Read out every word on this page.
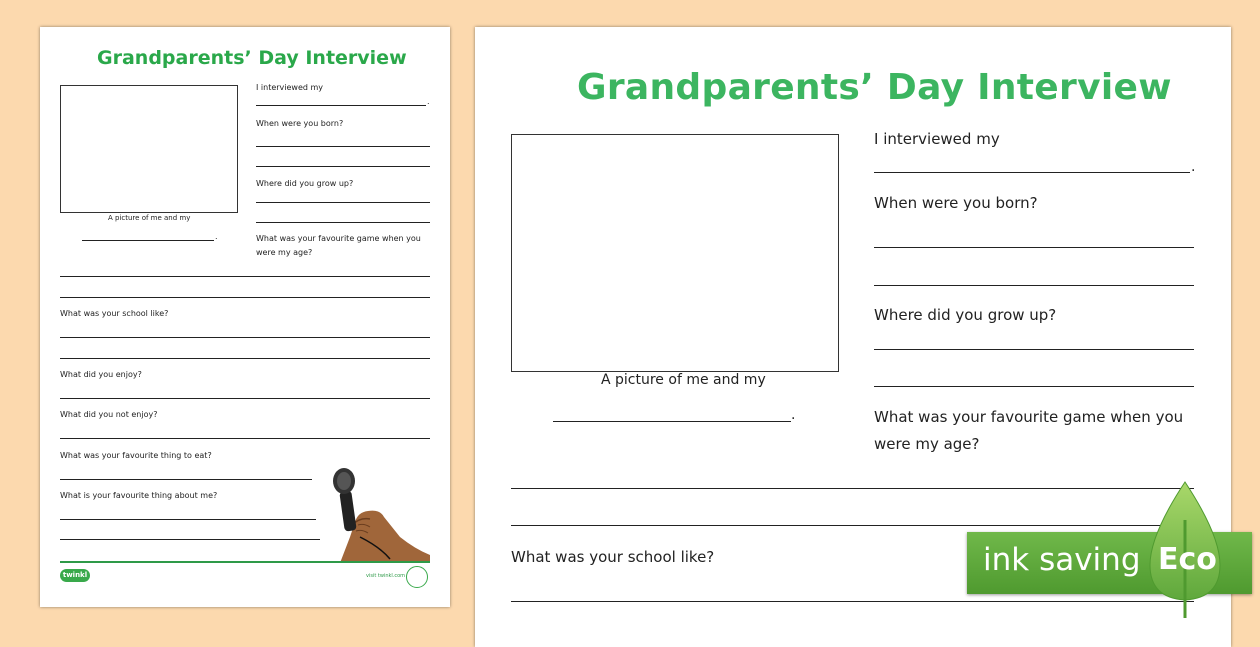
Grandparents’ Day Interview
A picture of me and my
.
I interviewed my
.
When were you born?
Where did you grow up?
What was your favourite game when you
were my age?
What was your school like?
What did you enjoy?
What did you not enjoy?
What was your favourite thing to eat?
What is your favourite thing about me?
twinkl	visit twinkl.com
Grandparents’ Day Interview
A picture of me and my
.
I interviewed my
.
When were you born?
Where did you grow up?
What was your favourite game when you
were my age?
What was your school like?	ink saving Eco
